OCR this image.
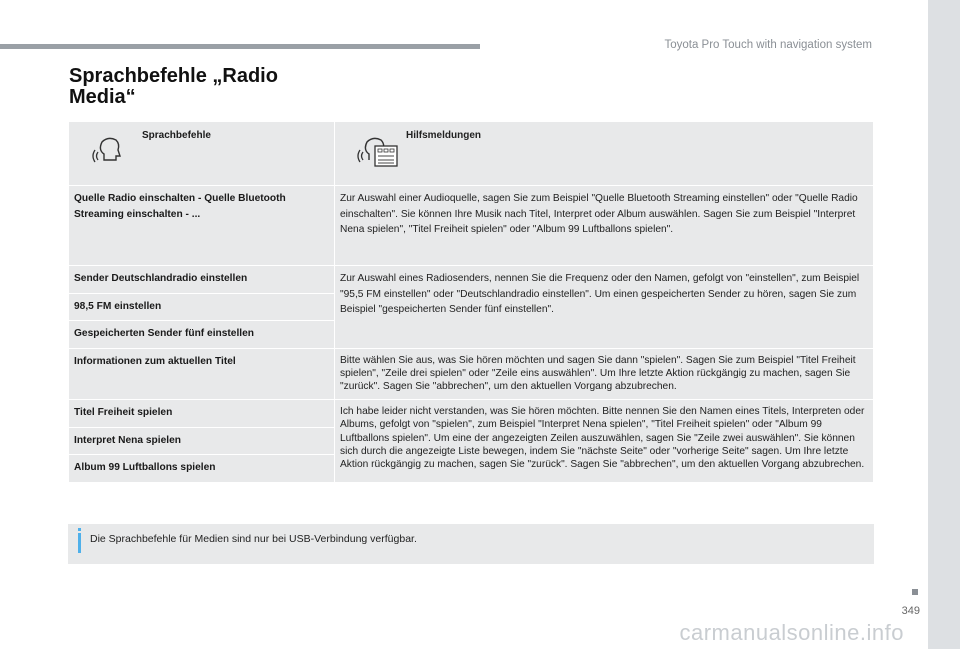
Toyota Pro Touch with navigation system
349
carmanualsonline.info
Sprachbefehle „Radio Media“
Sprachbefehle	Hilfsmeldungen

Quelle Radio einschalten - Quelle Bluetooth Streaming einschalten - ...	Zur Auswahl einer Audioquelle, sagen Sie zum Beispiel "Quelle Bluetooth Streaming einstellen" oder "Quelle Radio einschalten". Sie können Ihre Musik nach Titel, Interpret oder Album auswählen. Sagen Sie zum Beispiel "Interpret Nena spielen", "Titel Freiheit spielen" oder "Album 99 Luftballons spielen".
Sender Deutschlandradio einstellen	Zur Auswahl eines Radiosenders, nennen Sie die Frequenz oder den Namen, gefolgt von "einstellen", zum Beispiel "95,5 FM einstellen" oder "Deutschlandradio einstellen". Um einen gespeicherten Sender zu hören, sagen Sie zum Beispiel "gespeicherten Sender fünf einstellen".
98,5 FM einstellen	
Gespeicherten Sender fünf einstellen	
Informationen zum aktuellen Titel	Bitte wählen Sie aus, was Sie hören möchten und sagen Sie dann "spielen". Sagen Sie zum Beispiel "Titel Freiheit spielen", "Zeile drei spielen" oder "Zeile eins auswählen". Um Ihre letzte Aktion rückgängig zu machen, sagen Sie "zurück". Sagen Sie "abbrechen", um den aktuellen Vorgang abzubrechen.
Titel Freiheit spielen	Ich habe leider nicht verstanden, was Sie hören möchten. Bitte nennen Sie den Namen eines Titels, Interpreten oder Albums, gefolgt von "spielen", zum Beispiel "Interpret Nena spielen", "Titel Freiheit spielen" oder "Album 99 Luftballons spielen". Um eine der angezeigten Zeilen auszuwählen, sagen Sie "Zeile zwei auswählen". Sie können sich durch die angezeigte Liste bewegen, indem Sie "nächste Seite" oder "vorherige Seite" sagen. Um Ihre letzte Aktion rückgängig zu machen, sagen Sie "zurück". Sagen Sie "abbrechen", um den aktuellen Vorgang abzubrechen.
Interpret Nena spielen	
Album 99 Luftballons spielen	
Die Sprachbefehle für Medien sind nur bei USB-Verbindung verfügbar.
